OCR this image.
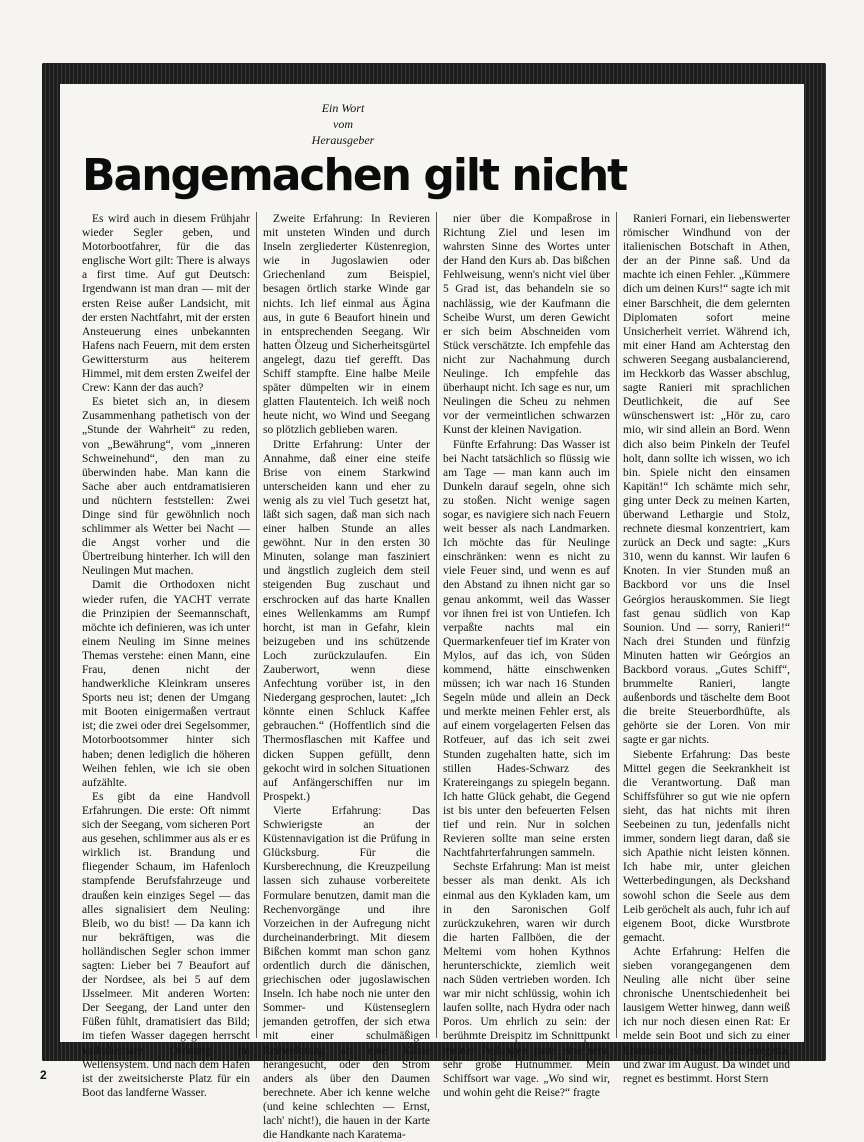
Ein Wort
vom
Herausgeber
Bangemachen gilt nicht

Es wird auch in diesem Frühjahr wieder Segler geben, und Motorbootfahrer, für die das englische Wort gilt: There is always a first time. Auf gut Deutsch: Irgendwann ist man dran — mit der ersten Reise außer Landsicht, mit der ersten Nachtfahrt, mit der ersten Ansteuerung eines unbekannten Hafens nach Feuern, mit dem ersten Gewittersturm aus heiterem Himmel, mit dem ersten Zweifel der Crew: Kann der das auch?

Es bietet sich an, in diesem Zusammenhang pathetisch von der „Stunde der Wahrheit“ zu reden, von „Bewährung“, vom „inneren Schweinehund“, den man zu überwinden habe. Man kann die Sache aber auch entdramatisieren und nüchtern feststellen: Zwei Dinge sind für gewöhnlich noch schlimmer als Wetter bei Nacht — die Angst vorher und die Übertreibung hinterher. Ich will den Neulingen Mut machen.

Damit die Orthodoxen nicht wieder rufen, die YACHT verrate die Prinzipien der Seemannschaft, möchte ich definieren, was ich unter einem Neuling im Sinne meines Themas verstehe: einen Mann, eine Frau, denen nicht der handwerkliche Kleinkram unseres Sports neu ist; denen der Umgang mit Booten einigermaßen vertraut ist; die zwei oder drei Segelsommer, Motorbootsommer hinter sich haben; denen lediglich die höheren Weihen fehlen, wie ich sie oben aufzählte.

Es gibt da eine Handvoll Erfahrungen. Die erste: Oft nimmt sich der Seegang, vom sicheren Port aus gesehen, schlimmer aus als er es wirklich ist. Brandung und fliegender Schaum, im Hafenloch stampfende Berufsfahrzeuge und draußen kein einziges Segel — das alles signalisiert dem Neuling: Bleib, wo du bist! — Da kann ich nur bekräftigen, was die holländischen Segler schon immer sagten: Lieber bei 7 Beaufort auf der Nordsee, als bei 5 auf dem IJsselmeer. Mit anderen Worten: Der Seegang, der Land unter den Füßen fühlt, dramatisiert das Bild; im tiefen Wasser dagegen herrscht kalkulierbare Ordnung im Wellensystem. Und nach dem Hafen ist der zweitsicherste Platz für ein Boot das landferne Wasser.

Zweite Erfahrung: In Revieren mit unsteten Winden und durch Inseln zergliederter Küstenregion, wie in Jugoslawien oder Griechenland zum Beispiel, besagen örtlich starke Winde gar nichts. Ich lief einmal aus Ägina aus, in gute 6 Beaufort hinein und in entsprechenden Seegang. Wir hatten Ölzeug und Sicherheitsgürtel angelegt, dazu tief gerefft. Das Schiff stampfte. Eine halbe Meile später dümpelten wir in einem glatten Flautenteich. Ich weiß noch heute nicht, wo Wind und Seegang so plötzlich geblieben waren.

Dritte Erfahrung: Unter der Annahme, daß einer eine steife Brise von einem Starkwind unterscheiden kann und eher zu wenig als zu viel Tuch gesetzt hat, läßt sich sagen, daß man sich nach einer halben Stunde an alles gewöhnt. Nur in den ersten 30 Minuten, solange man fasziniert und ängstlich zugleich dem steil steigenden Bug zuschaut und erschrocken auf das harte Knallen eines Wellenkamms am Rumpf horcht, ist man in Gefahr, klein beizugeben und ins schützende Loch zurückzulaufen. Ein Zauberwort, wenn diese Anfechtung vorüber ist, in den Niedergang gesprochen, lautet: „Ich könnte einen Schluck Kaffee gebrauchen.“ (Hoffentlich sind die Thermosflaschen mit Kaffee und dicken Suppen gefüllt, denn gekocht wird in solchen Situationen auf Anfängerschiffen nur im Prospekt.)

Vierte Erfahrung: Das Schwierigste an der Küstennavigation ist die Prüfung in Glücksburg. Für die Kursberechnung, die Kreuzpeilung lassen sich zuhause vorbereitete Formulare benutzen, damit man die Rechenvorgänge und ihre Vorzeichen in der Aufregung nicht durcheinanderbringt. Mit diesem Bißchen kommt man schon ganz ordentlich durch die dänischen, griechischen oder jugoslawischen Inseln. Ich habe noch nie unter den Sommer- und Küstenseglern jemanden getroffen, der sich etwa mit einer schulmäßigen Reihenlotung an eine Küste herangesucht, oder den Strom anders als über den Daumen berechnete. Aber ich kenne welche (und keine schlechten — Ernst, lach' nicht!), die hauen in der Karte die Handkante nach Karatema-

nier über die Kompaßrose in Richtung Ziel und lesen im wahrsten Sinne des Wortes unter der Hand den Kurs ab. Das bißchen Fehlweisung, wenn's nicht viel über 5 Grad ist, das behandeln sie so nachlässig, wie der Kaufmann die Scheibe Wurst, um deren Gewicht er sich beim Abschneiden vom Stück verschätzte. Ich empfehle das nicht zur Nachahmung durch Neulinge. Ich empfehle das überhaupt nicht. Ich sage es nur, um Neulingen die Scheu zu nehmen vor der vermeintlichen schwarzen Kunst der kleinen Navigation.

Fünfte Erfahrung: Das Wasser ist bei Nacht tatsächlich so flüssig wie am Tage — man kann auch im Dunkeln darauf segeln, ohne sich zu stoßen. Nicht wenige sagen sogar, es navigiere sich nach Feuern weit besser als nach Landmarken. Ich möchte das für Neulinge einschränken: wenn es nicht zu viele Feuer sind, und wenn es auf den Abstand zu ihnen nicht gar so genau ankommt, weil das Wasser vor ihnen frei ist von Untiefen. Ich verpaßte nachts mal ein Quermarkenfeuer tief im Krater von Mylos, auf das ich, von Süden kommend, hätte einschwenken müssen; ich war nach 16 Stunden Segeln müde und allein an Deck und merkte meinen Fehler erst, als auf einem vorgelagerten Felsen das Rotfeuer, auf das ich seit zwei Stunden zugehalten hatte, sich im stillen Hades-Schwarz des Kratereingangs zu spiegeln begann. Ich hatte Glück gehabt, die Gegend ist bis unter den befeuerten Felsen tief und rein. Nur in solchen Revieren sollte man seine ersten Nachtfahrterfahrungen sammeln.

Sechste Erfahrung: Man ist meist besser als man denkt. Als ich einmal aus den Kykladen kam, um in den Saronischen Golf zurückzukehren, waren wir durch die harten Fallböen, die der Meltemi vom hohen Kythnos herunterschickte, ziemlich weit nach Süden vertrieben worden. Ich war mir nicht schlüssig, wohin ich laufen sollte, nach Hydra oder nach Poros. Um ehrlich zu sein: der berühmte Dreispitz im Schnittpunkt meiner Peilungen hatte eine sehr, sehr große Hutnummer. Mein Schiffsort war vage. „Wo sind wir, und wohin geht die Reise?“ fragte

Ranieri Fornari, ein liebenswerter römischer Windhund von der italienischen Botschaft in Athen, der an der Pinne saß. Und da machte ich einen Fehler. „Kümmere dich um deinen Kurs!“ sagte ich mit einer Barschheit, die dem gelernten Diplomaten sofort meine Unsicherheit verriet. Während ich, mit einer Hand am Achterstag den schweren Seegang ausbalancierend, im Heckkorb das Wasser abschlug, sagte Ranieri mit sprachlichen Deutlichkeit, die auf See wünschenswert ist: „Hör zu, caro mio, wir sind allein an Bord. Wenn dich also beim Pinkeln der Teufel holt, dann sollte ich wissen, wo ich bin. Spiele nicht den einsamen Kapitän!“ Ich schämte mich sehr, ging unter Deck zu meinen Karten, überwand Lethargie und Stolz, rechnete diesmal konzentriert, kam zurück an Deck und sagte: „Kurs 310, wenn du kannst. Wir laufen 6 Knoten. In vier Stunden muß an Backbord vor uns die Insel Geórgios herauskommen. Sie liegt fast genau südlich von Kap Sounion. Und — sorry, Ranieri!“ Nach drei Stunden und fünfzig Minuten hatten wir Geórgios an Backbord voraus. „Gutes Schiff“, brummelte Ranieri, langte außenbords und täschelte dem Boot die breite Steuerbordhüfte, als gehörte sie der Loren. Von mir sagte er gar nichts.

Siebente Erfahrung: Das beste Mittel gegen die Seekrankheit ist die Verantwortung. Daß man Schiffsführer so gut wie nie opfern sieht, das hat nichts mit ihren Seebeinen zu tun, jedenfalls nicht immer, sondern liegt daran, daß sie sich Apathie nicht leisten können. Ich habe mir, unter gleichen Wetterbedingungen, als Deckshand sowohl schon die Seele aus dem Leib geröchelt als auch, fuhr ich auf eigenem Boot, dicke Wurstbrote gemacht.

Achte Erfahrung: Helfen die sieben vorangegangenen dem Neuling alle nicht über seine chronische Unentschiedenheit bei lausigem Wetter hinweg, dann weiß ich nur noch diesen einen Rat: Er melde sein Boot und sich zu einer Ehrensache: einer Ostseeregatta, und zwar im August. Da windet und regnet es bestimmt. Horst Stern

2
